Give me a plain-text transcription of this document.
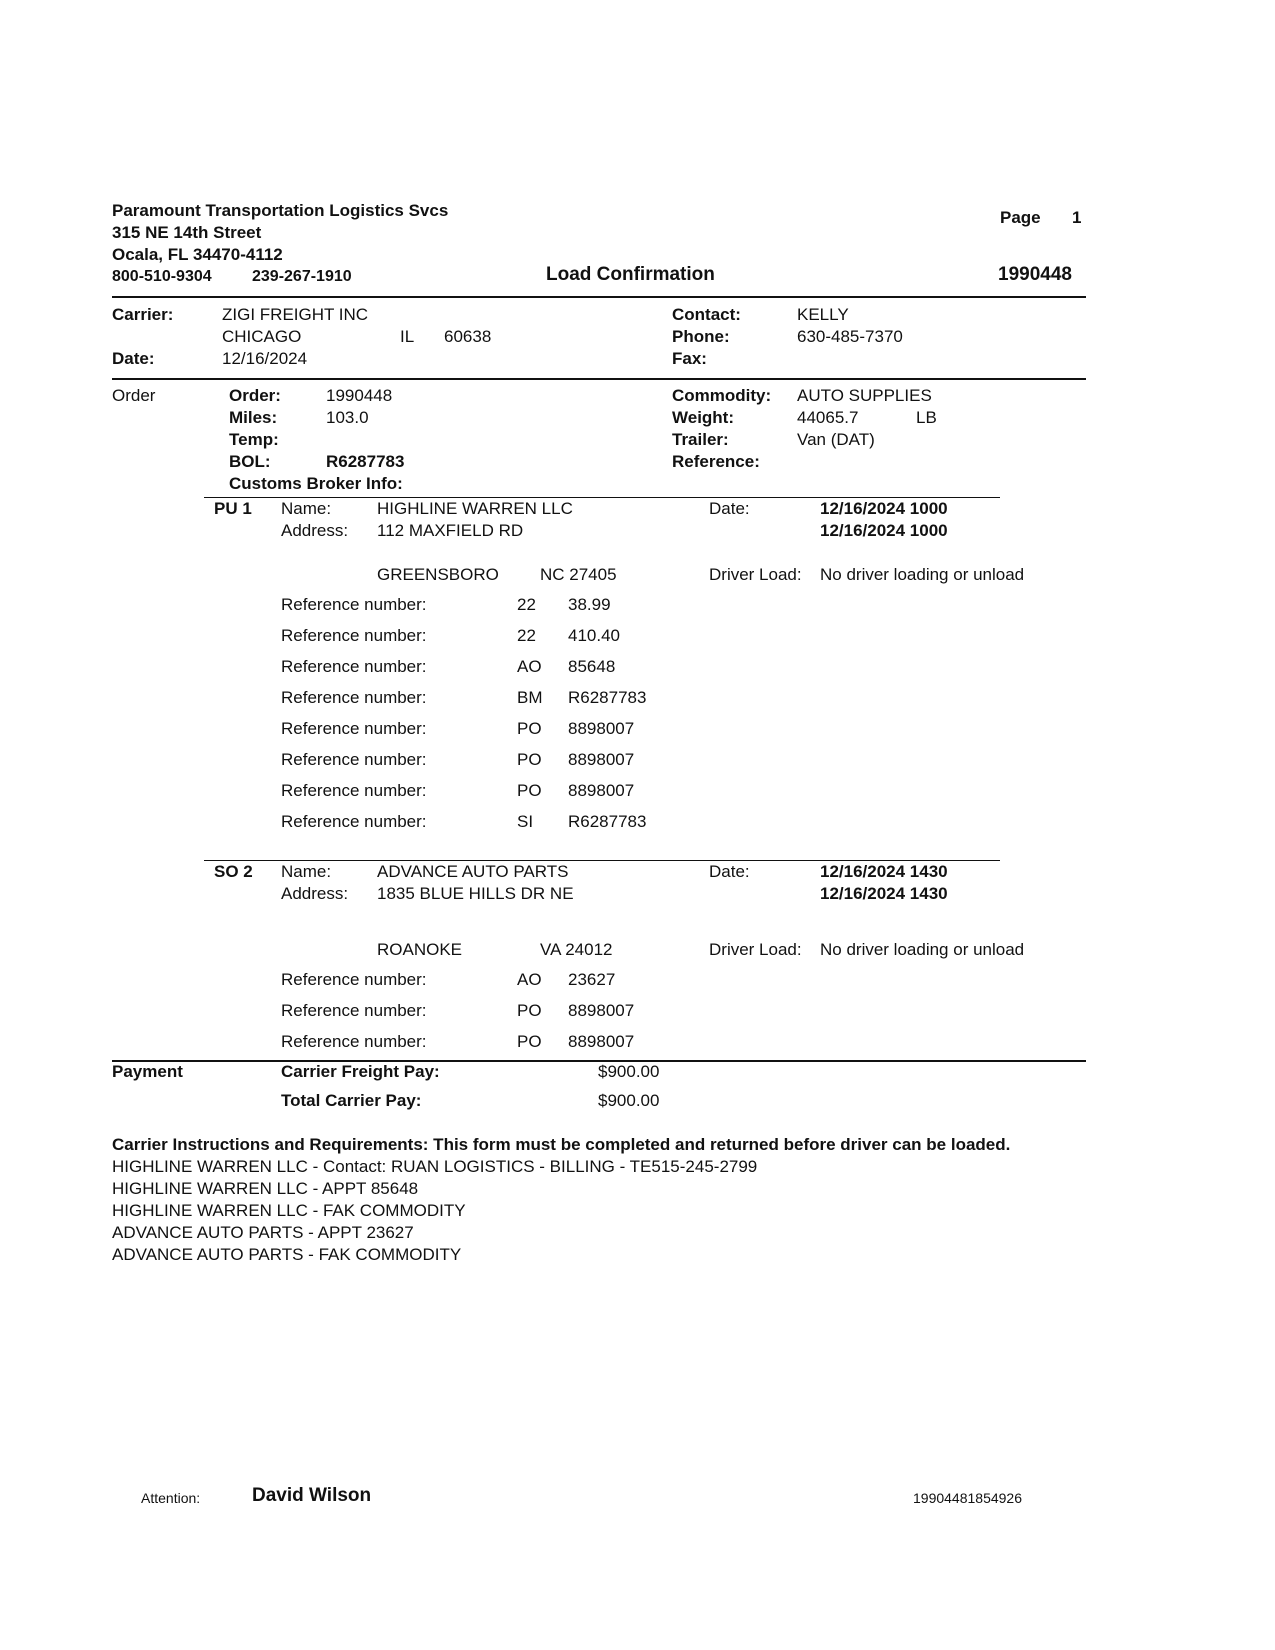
Paramount Transportation Logistics Svcs
315 NE 14th Street
Ocala, FL 34470-4112
800-510-9304	239-267-1910	Load Confirmation
Page 1
1990448
Carrier:	ZIGI FREIGHT INC
CHICAGO	IL 60638
Date:	12/16/2024
Contact:	KELLY
Phone:	630-485-7370
Fax:
Order	Order:	1990448
Miles:	103.0
Temp:
BOL:	R6287783
Customs Broker Info:
Commodity: AUTO SUPPLIES
Weight:	44065.7	LB
Trailer:	Van (DAT)
Reference:
PU 1 Name:	HIGHLINE WARREN LLC
Address: 112 MAXFIELD RD
GREENSBORO NC 27405
Date:	12/16/2024 1000
12/16/2024 1000
Driver Load: No driver loading or unload
Reference number:	22 38.99
Reference number:	22 410.40
Reference number:	AO 85648
Reference number:	BM R6287783
Reference number:	PO 8898007
Reference number:	PO 8898007
Reference number:	PO 8898007
Reference number:	SI R6287783
SO 2 Name:	ADVANCE AUTO PARTS
Address: 1835 BLUE HILLS DR NE
ROANOKE	VA 24012
Date:	12/16/2024 1430
12/16/2024 1430
Driver Load: No driver loading or unload
Reference number:	AO 23627
Reference number:	PO 8898007
Reference number:	PO 8898007
Payment	Carrier Freight Pay:	$900.00
Total Carrier Pay:	$900.00
Carrier Instructions and Requirements: This form must be completed and returned before driver can be loaded.
HIGHLINE WARREN LLC - Contact: RUAN LOGISTICS - BILLING - TE515-245-2799
HIGHLINE WARREN LLC - APPT 85648
HIGHLINE WARREN LLC - FAK COMMODITY
ADVANCE AUTO PARTS - APPT 23627
ADVANCE AUTO PARTS - FAK COMMODITY
Attention:	David Wilson	19904481854926
